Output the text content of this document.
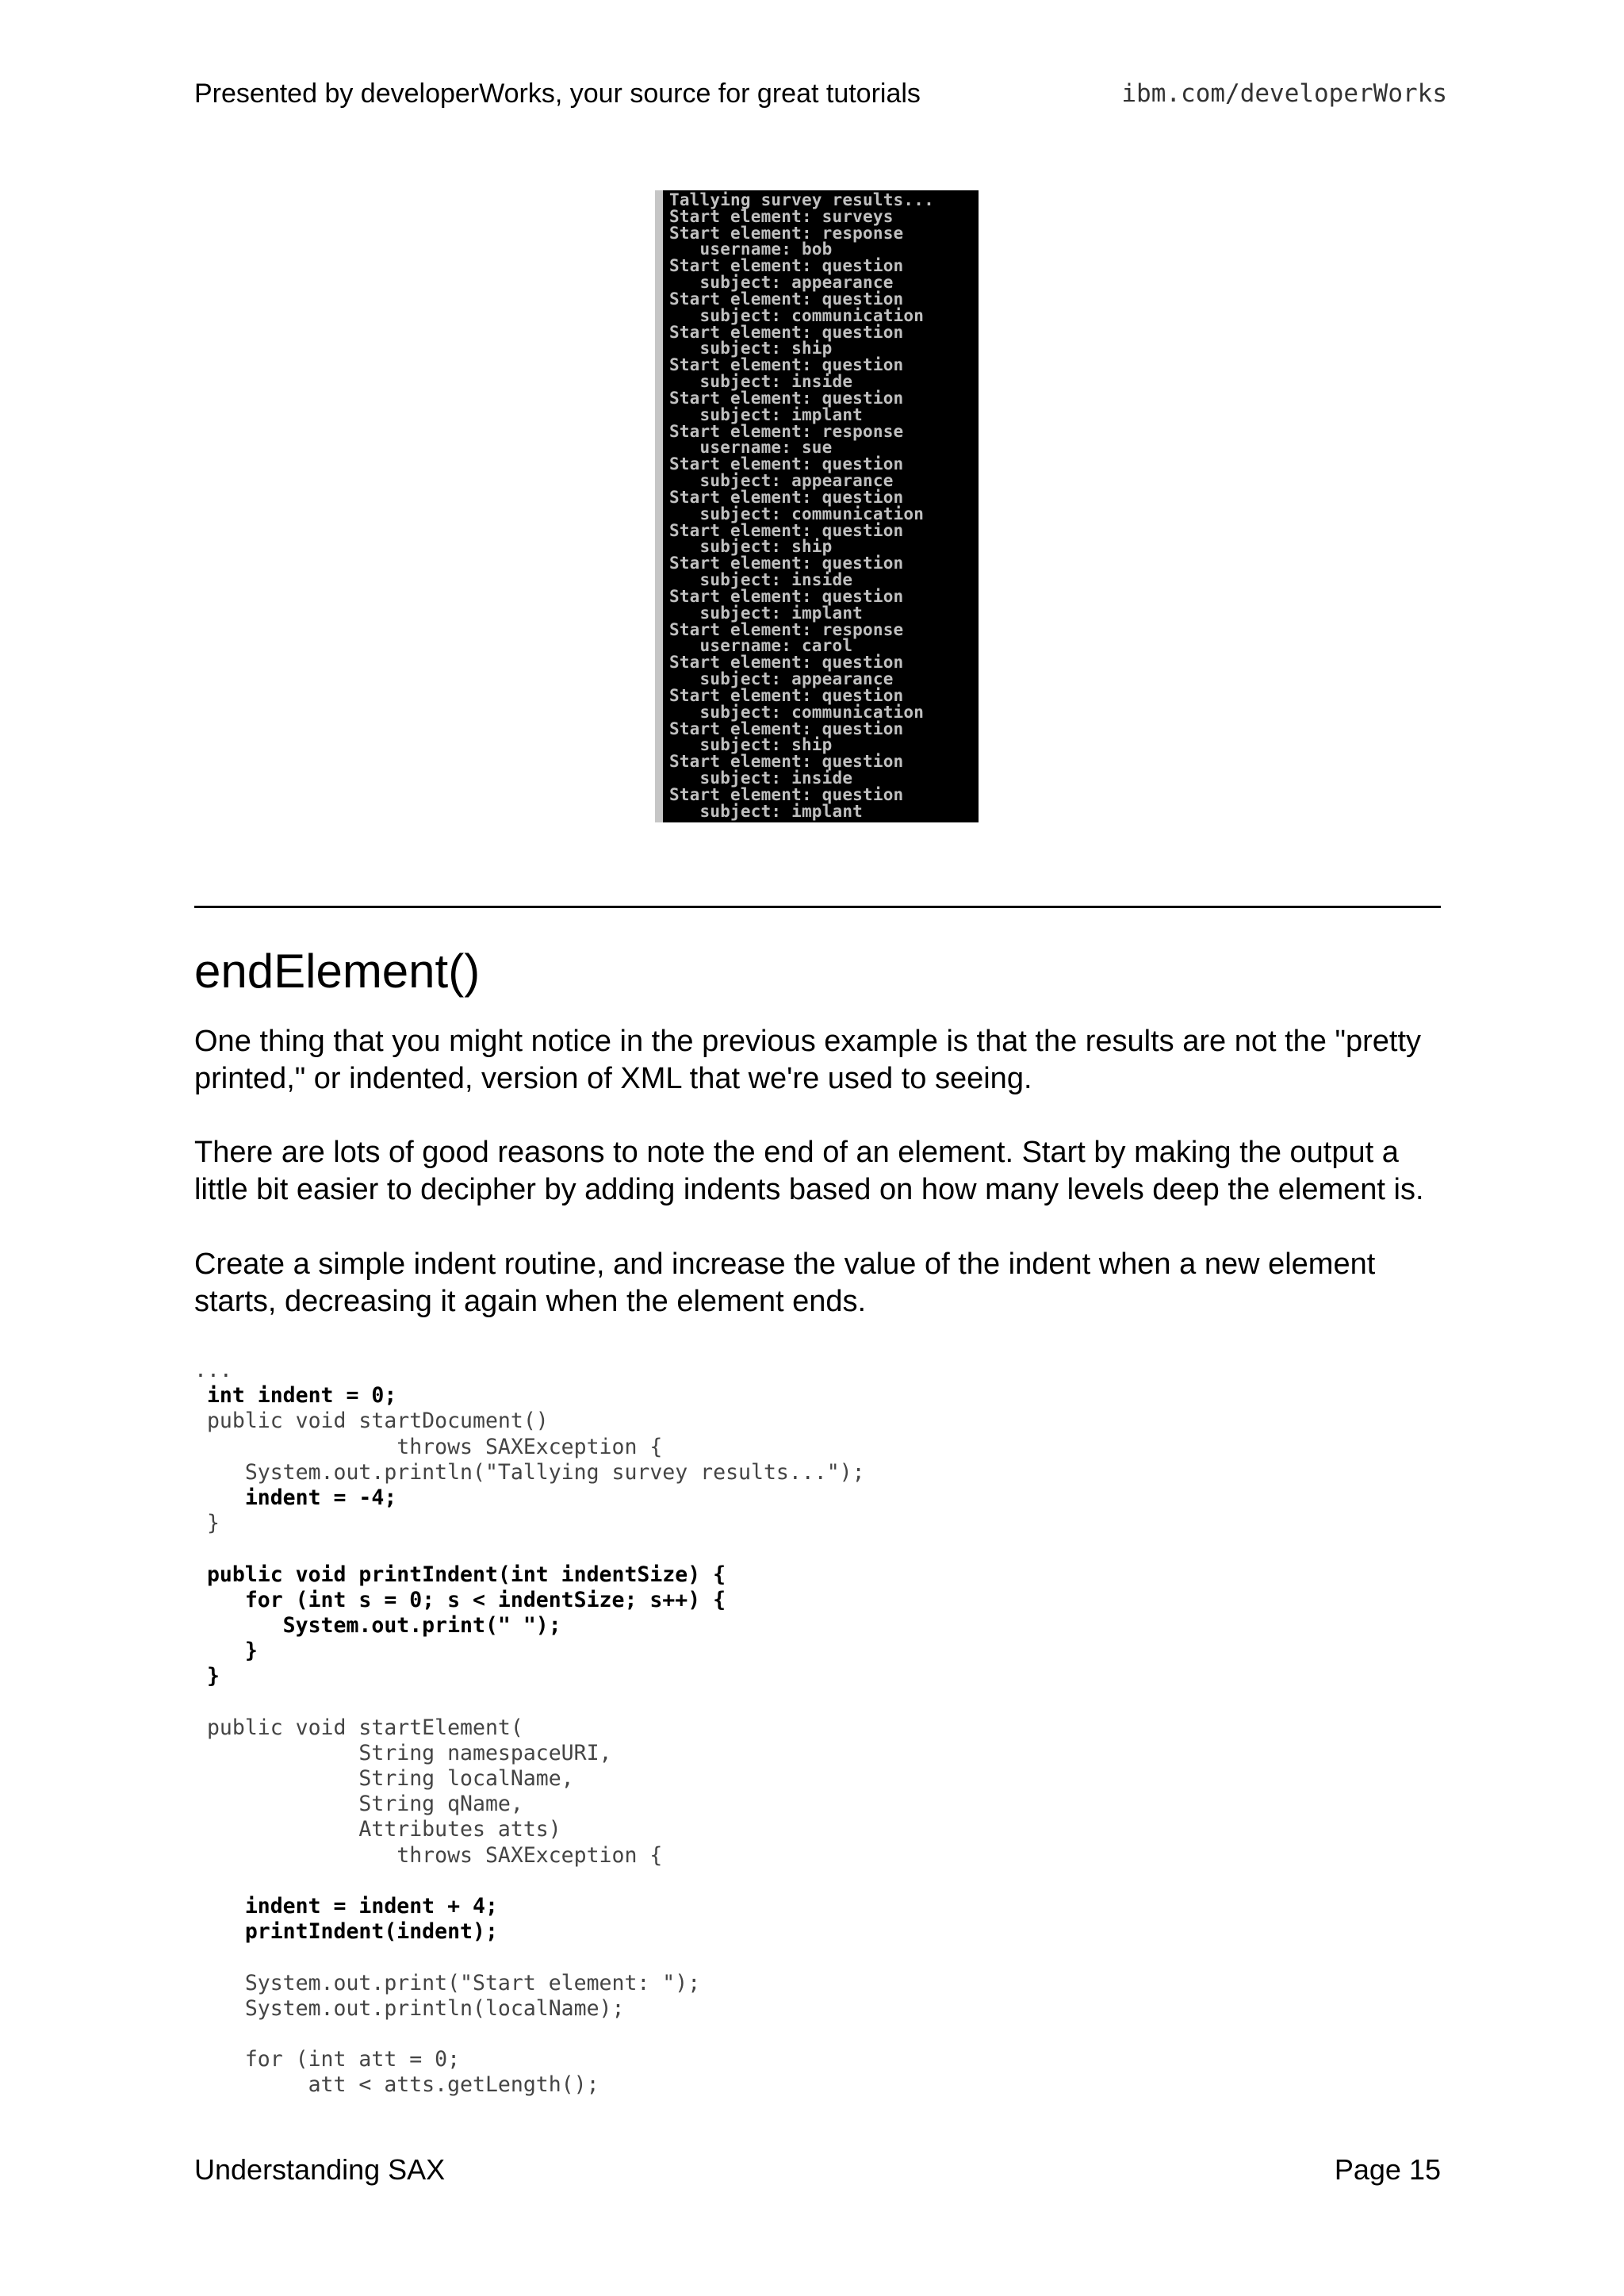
Presented by developerWorks, your source for great tutorials	ibm.com/developerWorks
Tallying survey results...
Start element: surveys
Start element: response
username: bob
Start element: question
subject: appearance
Start element: question
subject: communication
Start element: question
subject: ship
Start element: question
subject: inside
Start element: question
subject: implant
Start element: response
username: sue
Start element: question
subject: appearance
Start element: question
subject: communication
Start element: question
subject: ship
Start element: question
subject: inside
Start element: question
subject: implant
Start element: response
username: carol
Start element: question
subject: appearance
Start element: question
subject: communication
Start element: question
subject: ship
Start element: question
subject: inside
Start element: question
subject: implant
endElement()

One thing that you might notice in the previous example is that the results are not the "pretty printed," or indented, version of XML that we're used to seeing.

There are lots of good reasons to note the end of an element. Start by making the output a little bit easier to decipher by adding indents based on how many levels deep the element is.

Create a simple indent routine, and increase the value of the indent when a new element starts, decreasing it again when the element ends.

...
int indent = 0;
public void startDocument()
throws SAXException {
System.out.println("Tallying survey results...");
indent = -4;
}
public void printIndent(int indentSize) {
for (int s = 0; s < indentSize; s++) {
System.out.print(" ");
}
}
public void startElement(
String namespaceURI,
String localName,
String qName,
Attributes atts)
throws SAXException {
indent = indent + 4;
printIndent(indent);
System.out.print("Start element: ");
System.out.println(localName);
for (int att = 0;
att < atts.getLength();
Understanding SAX	Page 15
